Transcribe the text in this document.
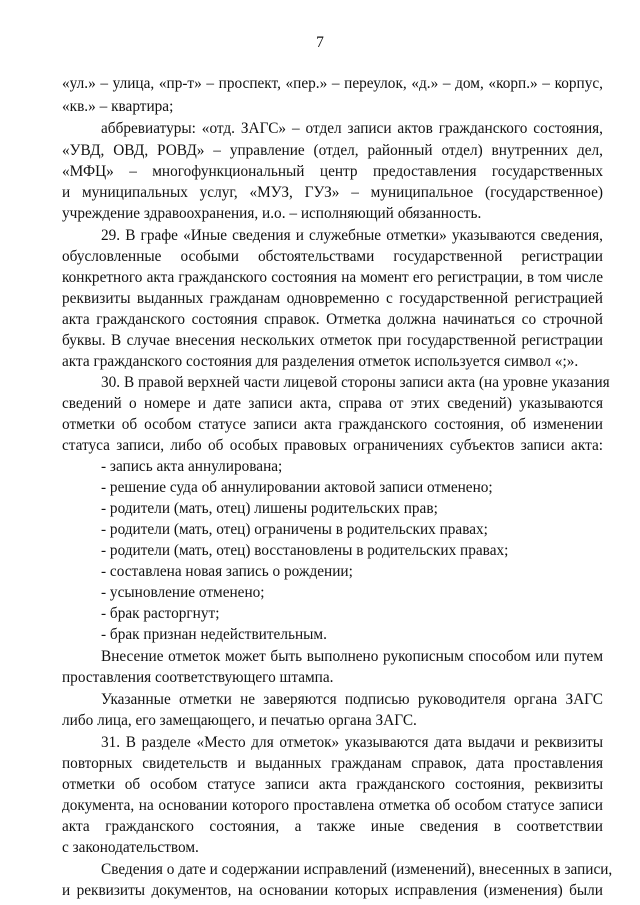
7
«ул.» – улица, «пр-т» – проспект, «пер.» – переулок, «д.» – дом, «корп.» – корпус,
«кв.» – квартира;
аббревиатуры: «отд. ЗАГС» – отдел записи актов гражданского состояния,
«УВД, ОВД, РОВД» – управление (отдел, районный отдел) внутренних дел,
«МФЦ» – многофункциональный центр предоставления государственных
и муниципальных услуг, «МУЗ, ГУЗ» – муниципальное (государственное)
учреждение здравоохранения, и.о. – исполняющий обязанность.
29. В графе «Иные сведения и служебные отметки» указываются сведения,
обусловленные особыми обстоятельствами государственной регистрации
конкретного акта гражданского состояния на момент его регистрации, в том числе
реквизиты выданных гражданам одновременно с государственной регистрацией
акта гражданского состояния справок. Отметка должна начинаться со строчной
буквы. В случае внесения нескольких отметок при государственной регистрации
акта гражданского состояния для разделения отметок используется символ «;».
30. В правой верхней части лицевой стороны записи акта (на уровне указания
сведений о номере и дате записи акта, справа от этих сведений) указываются
отметки об особом статусе записи акта гражданского состояния, об изменении
статуса записи, либо об особых правовых ограничениях субъектов записи акта:
- запись акта аннулирована;
- решение суда об аннулировании актовой записи отменено;
- родители (мать, отец) лишены родительских прав;
- родители (мать, отец) ограничены в родительских правах;
- родители (мать, отец) восстановлены в родительских правах;
- составлена новая запись о рождении;
- усыновление отменено;
- брак расторгнут;
- брак признан недействительным.
Внесение отметок может быть выполнено рукописным способом или путем
проставления соответствующего штампа.
Указанные отметки не заверяются подписью руководителя органа ЗАГС
либо лица, его замещающего, и печатью органа ЗАГС.
31. В разделе «Место для отметок» указываются дата выдачи и реквизиты
повторных свидетельств и выданных гражданам справок, дата проставления
отметки об особом статусе записи акта гражданского состояния, реквизиты
документа, на основании которого проставлена отметка об особом статусе записи
акта гражданского состояния, а также иные сведения в соответствии
с законодательством.
Сведения о дате и содержании исправлений (изменений), внесенных в записи,
и реквизиты документов, на основании которых исправления (изменения) были
